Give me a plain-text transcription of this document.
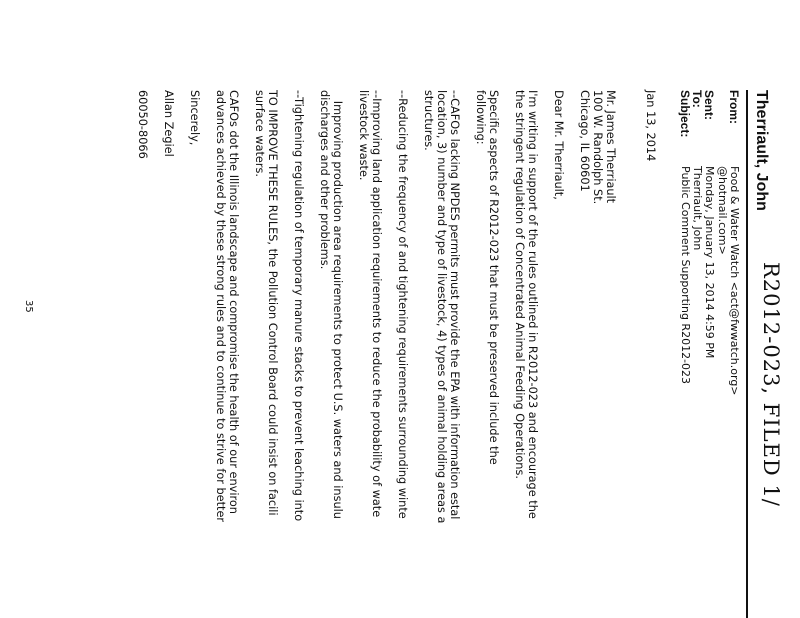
R2012-023, FILED 1/
Therriault, John
From:
Food & Water Watch <act@fwwatch.org>
@hotmail.com>
Sent:
Monday, January 13, 2014 4:59 PM
To:
Therriault, John
Subject:
Public Comment Supporting R2012-023
Jan 13, 2014
Mr. James Therriault
100 W. Randolph St.
Chicago, IL 60601
Dear Mr. Therriault,
I'm writing in support of the rules outlined in R2012-023 and encourage the
the stringent regulation of Concentrated Animal Feeding Operations.
Specific aspects of R2012-023 that must be preserved include the
following:
--CAFOs lacking NPDES permits must provide the EPA with information estal
location, 3) number and type of livestock, 4) types of animal holding areas a
structures.
--Reducing the frequency of and tightening requirements surrounding winte
--Improving land application requirements to reduce the probability of wate
livestock waste.
Improving production area requirements to protect U.S. waters and insulu
discharges and other problems.
--Tightening regulation of temporary manure stacks to prevent leaching into
TO IMPROVE THESE RULES, the Pollution Control Board could insist on facili
surface waters.
CAFOs dot the Illinois landscape and compromise the health of our environ
advances achieved by these strong rules and to continue to strive for better
Sincerely,
Allan Zegiel
60050-8066
35
